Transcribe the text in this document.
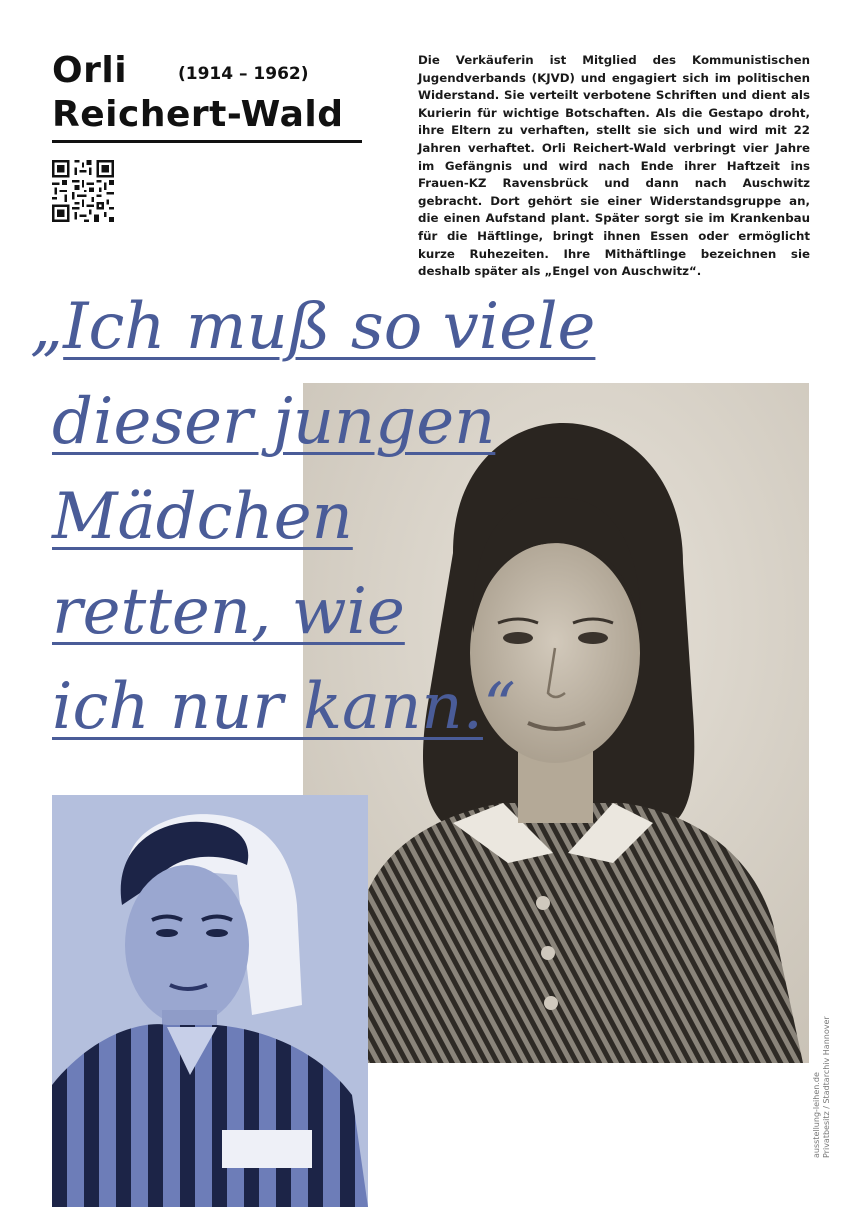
Orli	(1914 – 1962)
Reichert-Wald

Die Verkäuferin ist Mitglied des Kommunistischen Jugendverbands (KJVD) und engagiert sich im politischen Widerstand. Sie verteilt verbotene Schriften und dient als Kurierin für wichtige Botschaften. Als die Gestapo droht, ihre Eltern zu verhaften, stellt sie sich und wird mit 22 Jahren verhaftet. Orli Reichert-Wald verbringt vier Jahre im Gefängnis und wird nach Ende ihrer Haftzeit ins Frauen-KZ Ravensbrück und dann nach Auschwitz gebracht. Dort gehört sie einer Widerstandsgruppe an, die einen Aufstand plant. Später sorgt sie im Krankenbau für die Häftlinge, bringt ihnen Essen oder ermöglicht kurze Ruhezeiten. Ihre Mithäftlinge bezeichnen sie deshalb später als „Engel von Auschwitz“.

„Ich muß so viele
dieser jungen
Mädchen
retten, wie
ich nur kann.“
ausstellung-leihen.de Privatbesitz / Stadtarchiv Hannover
